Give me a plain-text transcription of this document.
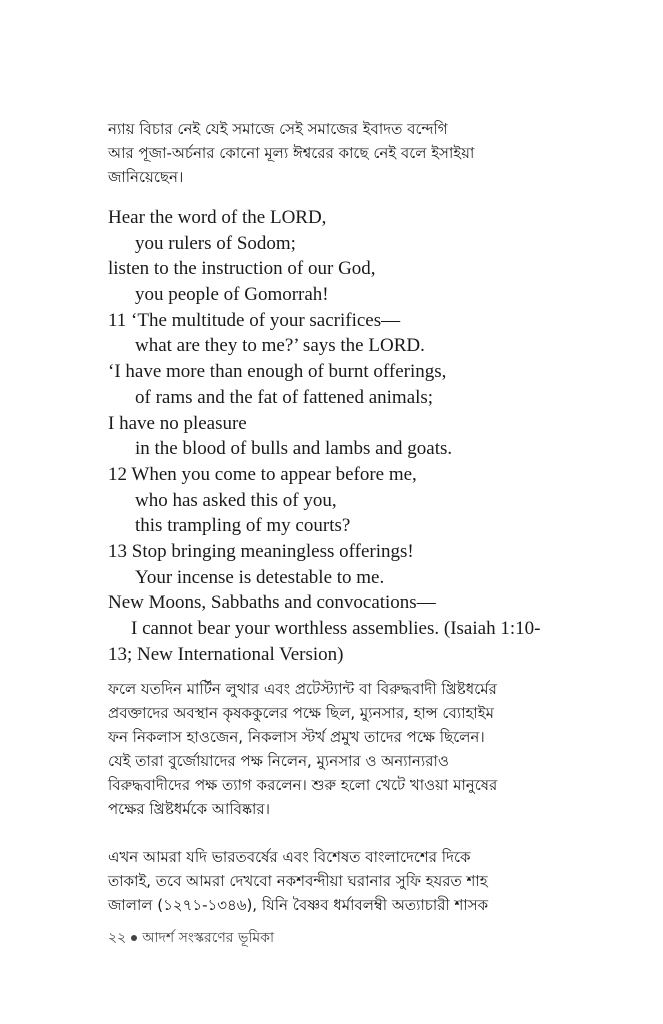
ন্যায় বিচার নেই যেই সমাজে সেই সমাজের ইবাদত বন্দেগি

আর পূজা-অর্চনার কোনো মূল্য ঈশ্বরের কাছে নেই বলে ইসাইয়া

জানিয়েছেন।

Hear the word of the LORD,
you rulers of Sodom;
listen to the instruction of our God,
you people of Gomorrah!
11 ‘The multitude of your sacrifices—
what are they to me?’ says the LORD.
‘I have more than enough of burnt offerings,
of rams and the fat of fattened animals;
I have no pleasure
in the blood of bulls and lambs and goats.
12 When you come to appear before me,
who has asked this of you,
this trampling of my courts?
13 Stop bringing meaningless offerings!
Your incense is detestable to me.
New Moons, Sabbaths and convocations—
I cannot bear your worthless assemblies. (Isaiah 1:10-
13; New International Version)

ফলে যতদিন মার্টিন লুথার এবং প্রটেস্ট্যান্ট বা বিরুদ্ধবাদী খ্রিষ্টধর্মের

প্রবক্তাদের অবস্থান কৃষককুলের পক্ষে ছিল, ম্যুনসার, হান্স ব্যোহাইম

ফন নিকলাস হাওজেন, নিকলাস স্টর্খ প্রমুখ তাদের পক্ষে ছিলেন।

যেই তারা বুর্জোয়াদের পক্ষ নিলেন, ম্যুনসার ও অন্যান্যরাও

বিরুদ্ধবাদীদের পক্ষ ত্যাগ করলেন। শুরু হলো খেটে খাওয়া মানুষের

পক্ষের খ্রিষ্টধর্মকে আবিষ্কার।

এখন আমরা যদি ভারতবর্ষের এবং বিশেষত বাংলাদেশের দিকে

তাকাই, তবে আমরা দেখবো নকশবন্দীয়া ঘরানার সুফি হযরত শাহ

জালাল (১২৭১-১৩৪৬), যিনি বৈষ্ণব ধর্মাবলম্বী অত্যাচারী শাসক

২২ আদর্শ সংস্করণের ভূমিকা
